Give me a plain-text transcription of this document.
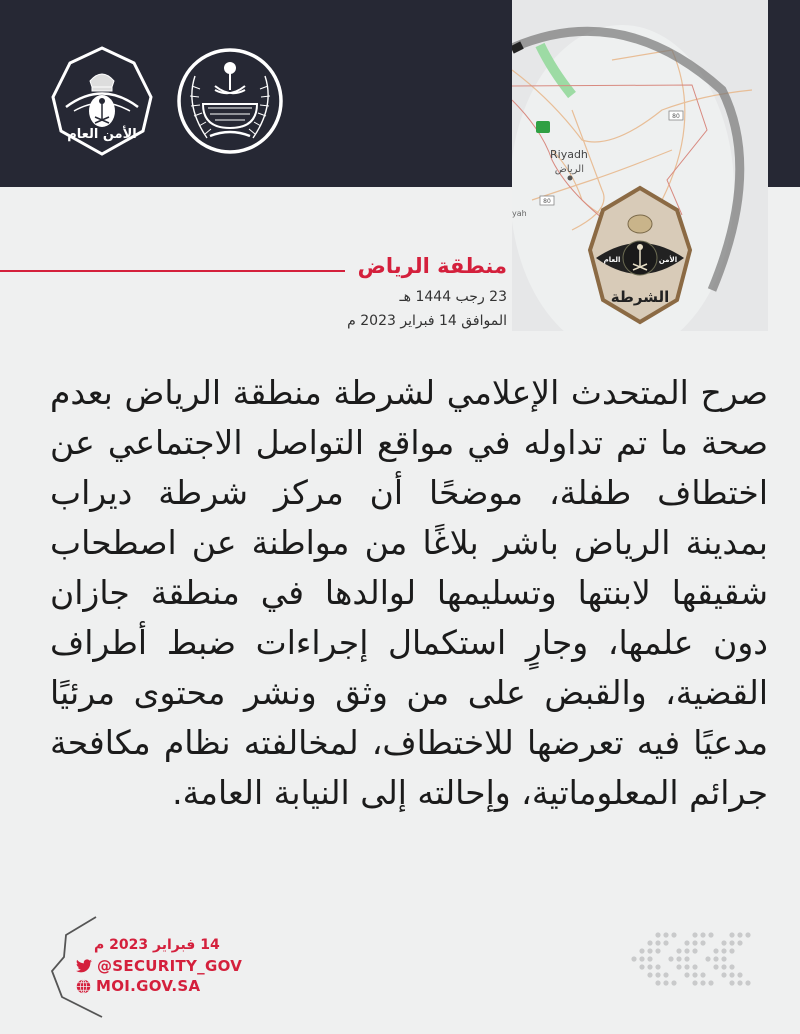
الأمن العام
80
80
Riyadh
الرياض
yah
العام	الأمن
الشرطة
منطقة الرياض
23 رجب 1444 هـ
الموافق 14 فبراير 2023 م

صرح المتحدث الإعلامي لشرطة منطقة الرياض بعدم صحة ما تم تداوله في مواقع التواصل الاجتماعي عن اختطاف طفلة، موضحًا أن مركز شرطة ديراب بمدينة الرياض باشر بلاغًا من مواطنة عن اصطحاب شقيقها لابنتها وتسليمها لوالدها في منطقة جازان دون علمها، وجارٍ استكمال إجراءات ضبط أطراف القضية، والقبض على من وثق ونشر محتوى مرئيًا مدعيًا فيه تعرضها للاختطاف، لمخالفته نظام مكافحة جرائم المعلوماتية، وإحالته إلى النيابة العامة.

14 فبراير 2023 م
@SECURITY_GOV
MOI.GOV.SA
